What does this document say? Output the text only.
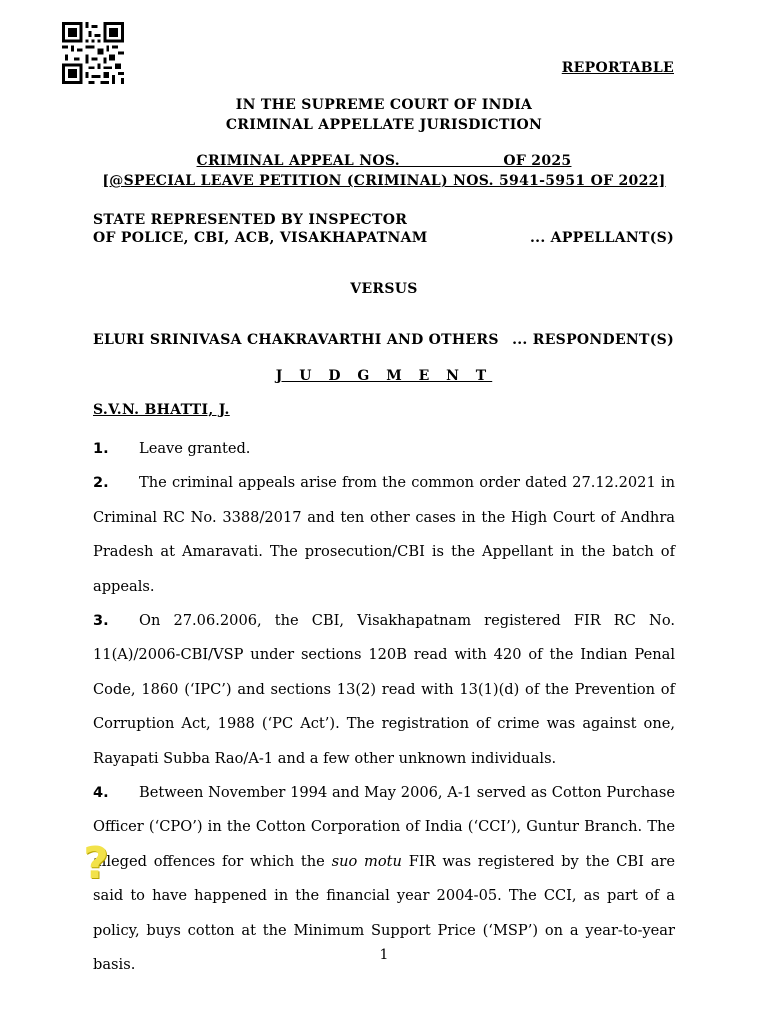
REPORTABLE
IN THE SUPREME COURT OF INDIA
CRIMINAL APPELLATE JURISDICTION
CRIMINAL APPEAL NOS.                    OF 2025
[@SPECIAL LEAVE PETITION (CRIMINAL) NOS. 5941-5951 OF 2022]
STATE REPRESENTED BY INSPECTOR
OF POLICE, CBI, ACB, VISAKHAPATNAM	... APPELLANT(S)
VERSUS
ELURI SRINIVASA CHAKRAVARTHI AND OTHERS ... RESPONDENT(S)
J U D G M E N T
S.V.N. BHATTI, J.

1. Leave granted.

2. The criminal appeals arise from the common order dated 27.12.2021 in Criminal RC No. 3388/2017 and ten other cases in the High Court of Andhra Pradesh at Amaravati. The prosecution/CBI is the Appellant in the batch of appeals.

3. On 27.06.2006, the CBI, Visakhapatnam registered FIR RC No. 11(A)/2006-CBI/VSP under sections 120B read with 420 of the Indian Penal Code, 1860 (‘IPC’) and sections 13(2) read with 13(1)(d) of the Prevention of Corruption Act, 1988 (‘PC Act’). The registration of crime was against one, Rayapati Subba Rao/A-1 and a few other unknown individuals.

4. Between November 1994 and May 2006, A-1 served as Cotton Purchase Officer (‘CPO’) in the Cotton Corporation of India (‘CCI’), Guntur Branch. The alleged offences for which the suo motu FIR was registered by the CBI are said to have happened in the financial year 2004-05. The CCI, as part of a policy, buys cotton at the Minimum Support Price (‘MSP’) on a year-to-year basis.

?
1
